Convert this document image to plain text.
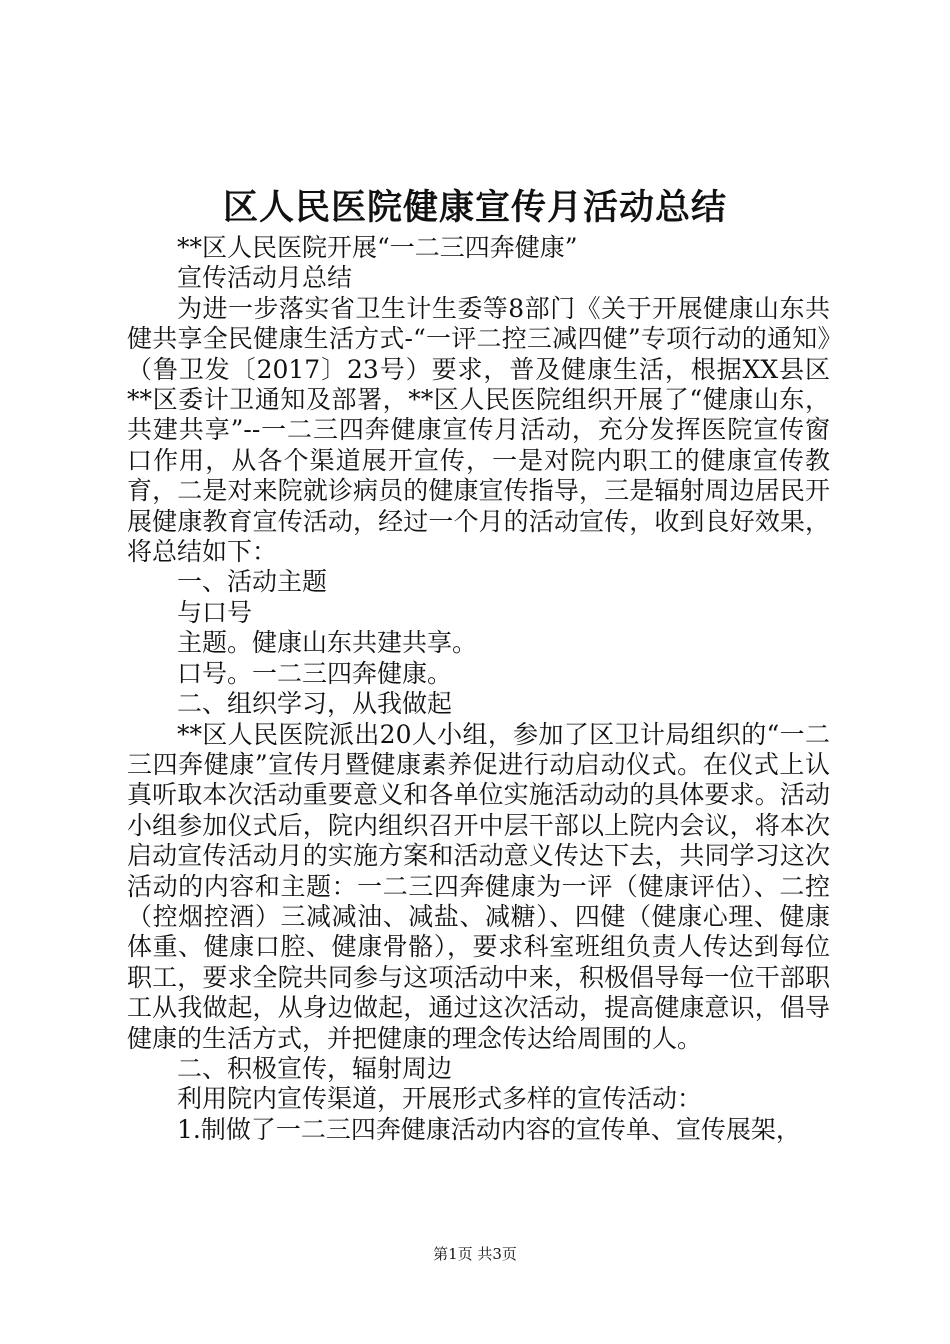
区人民医院健康宣传月活动总结

**区人民医院开展“一二三四奔健康”

宣传活动月总结

为进一步落实省卫生计生委等8部门《关于开展健康山东共健共享全民健康生活方式-“一评二控三减四健”专项行动的通知》（鲁卫发〔2017〕23号）要求，普及健康生活，根据XX县区**区委计卫通知及部署，**区人民医院组织开展了“健康山东，共建共享”--一二三四奔健康宣传月活动，充分发挥医院宣传窗口作用，从各个渠道展开宣传，一是对院内职工的健康宣传教育，二是对来院就诊病员的健康宣传指导，三是辐射周边居民开展健康教育宣传活动，经过一个月的活动宣传，收到良好效果，将总结如下：

一、活动主题

与口号

主题。健康山东共建共享。

口号。一二三四奔健康。

二、组织学习，从我做起

**区人民医院派出20人小组，参加了区卫计局组织的“一二三四奔健康”宣传月暨健康素养促进行动启动仪式。在仪式上认真听取本次活动重要意义和各单位实施活动动的具体要求。活动小组参加仪式后，院内组织召开中层干部以上院内会议，将本次启动宣传活动月的实施方案和活动意义传达下去，共同学习这次活动的内容和主题：一二三四奔健康为一评（健康评估）、二控（控烟控酒）三减减油、减盐、减糖）、四健（健康心理、健康体重、健康口腔、健康骨骼），要求科室班组负责人传达到每位职工，要求全院共同参与这项活动中来，积极倡导每一位干部职工从我做起，从身边做起，通过这次活动，提高健康意识，倡导健康的生活方式，并把健康的理念传达给周围的人。

二、积极宣传，辐射周边

利用院内宣传渠道，开展形式多样的宣传活动：

1.制做了一二三四奔健康活动内容的宣传单、宣传展架，

第1页 共3页
